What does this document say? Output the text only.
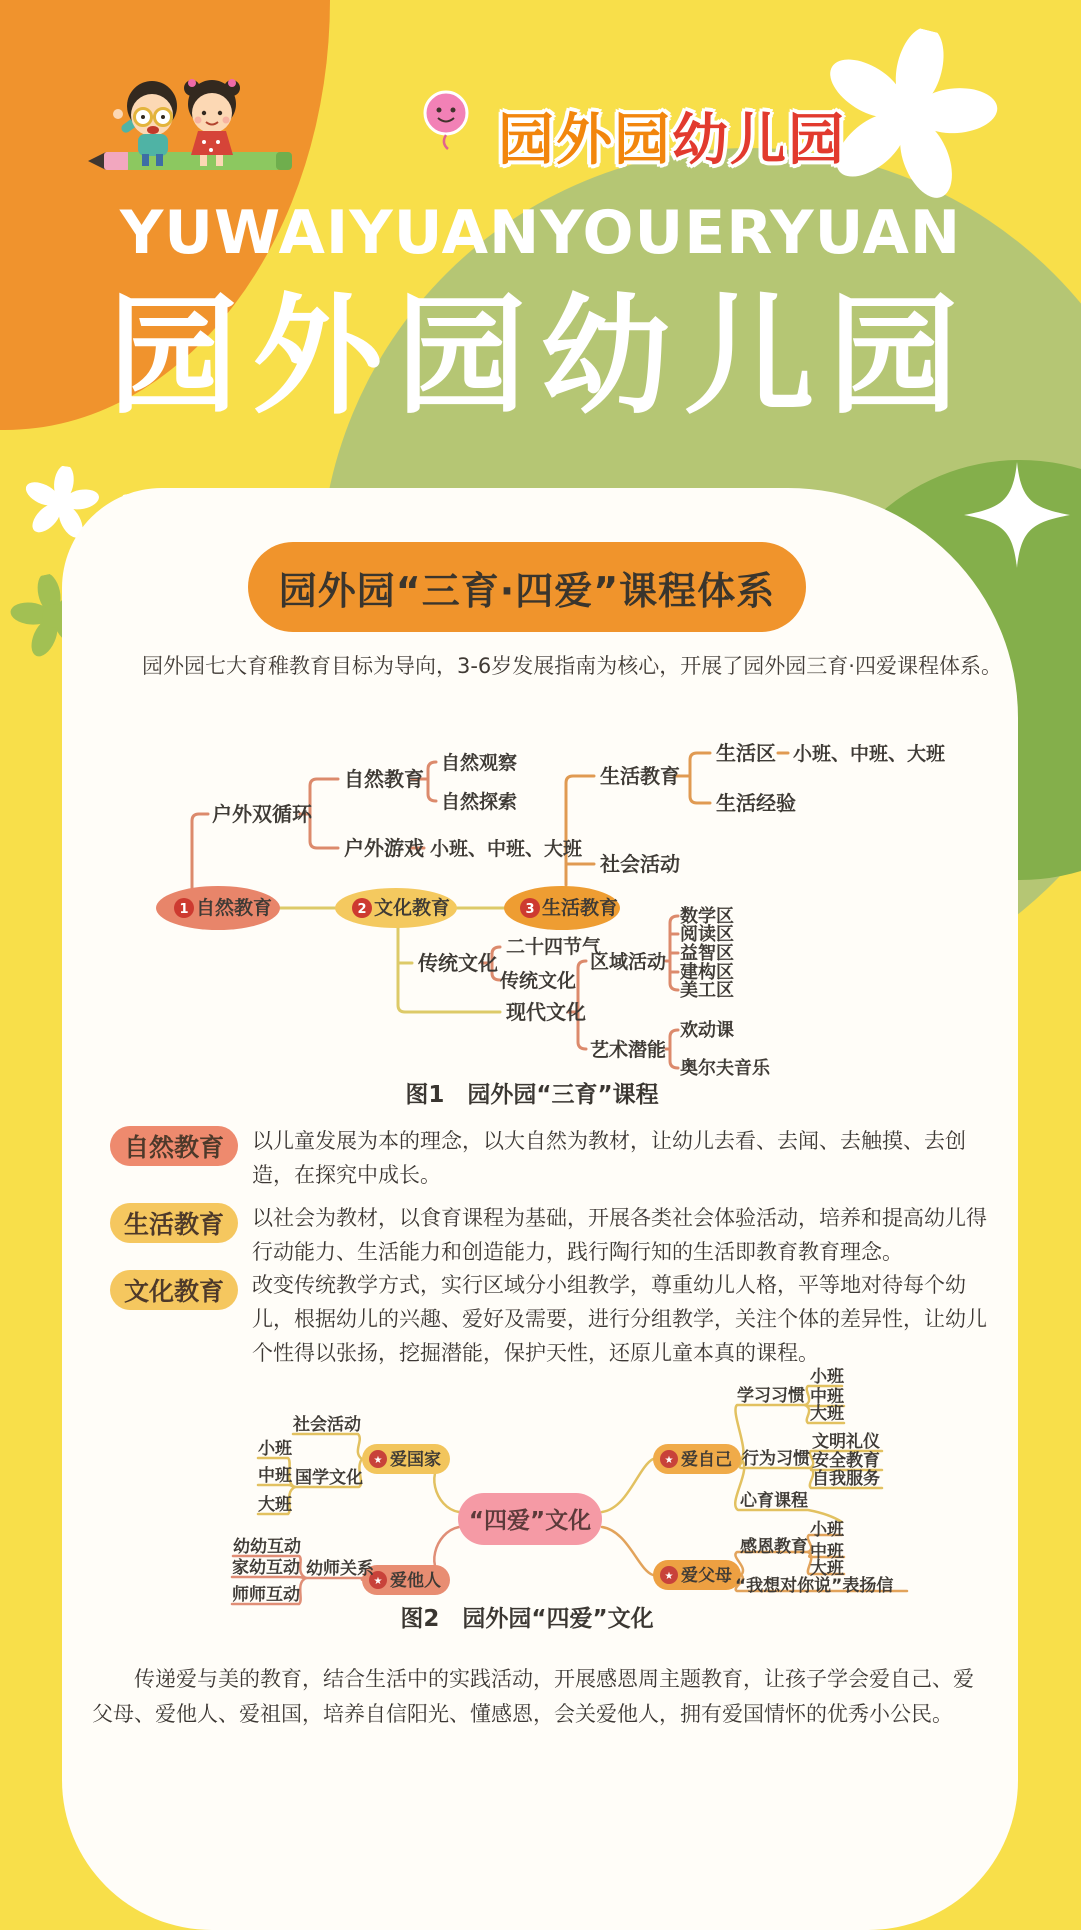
园外园幼儿园
YUWAIYUANYOUERYUAN
园外园幼儿园
园外园“三育·四爱”课程体系
园外园七大育稚教育目标为导向，3-6岁发展指南为核心，开展了园外园三育·四爱课程体系。
1	2	3
自然教育	文化教育	生活教育
户外双循环
自然教育
自然观察
自然探索
户外游戏 小班、中班、大班
生活教育
生活区 小班、中班、大班
生活经验
社会活动
传统文化
二十四节气
传统文化
现代文化
区域活动
数学区
阅读区
益智区
建构区
美工区
艺术潜能
欢动课
奥尔夫音乐
图1　园外园“三育”课程
自然教育 以儿童发展为本的理念，以大自然为教材，让幼儿去看、去闻、去触摸、去创造，在探究中成长。
生活教育 以社会为教材，以食育课程为基础，开展各类社会体验活动，培养和提高幼儿得行动能力、生活能力和创造能力，践行陶行知的生活即教育教育理念。
文化教育 改变传统教学方式，实行区域分小组教学，尊重幼儿人格，平等地对待每个幼儿，根据幼儿的兴趣、爱好及需要，进行分组教学，关注个体的差异性，让幼儿个性得以张扬，挖掘潜能，保护天性，还原儿童本真的课程。
“四爱”文化
★ 爱国家	★ 爱自己
★ 爱他人	★ 爱父母
社会活动
小班
中班 国学文化
大班
幼幼互动
家幼互动 幼师关系
师师互动
学习习惯
小班
中班
大班
行为习惯
文明礼仪
安全教育
自我服务
心育课程
感恩教育
小班
中班
大班
“我想对你说”表扬信
图2　园外园“四爱”文化
传递爱与美的教育，结合生活中的实践活动，开展感恩周主题教育，让孩子学会爱自己、爱父母、爱他人、爱祖国，培养自信阳光、懂感恩，会关爱他人，拥有爱国情怀的优秀小公民。
